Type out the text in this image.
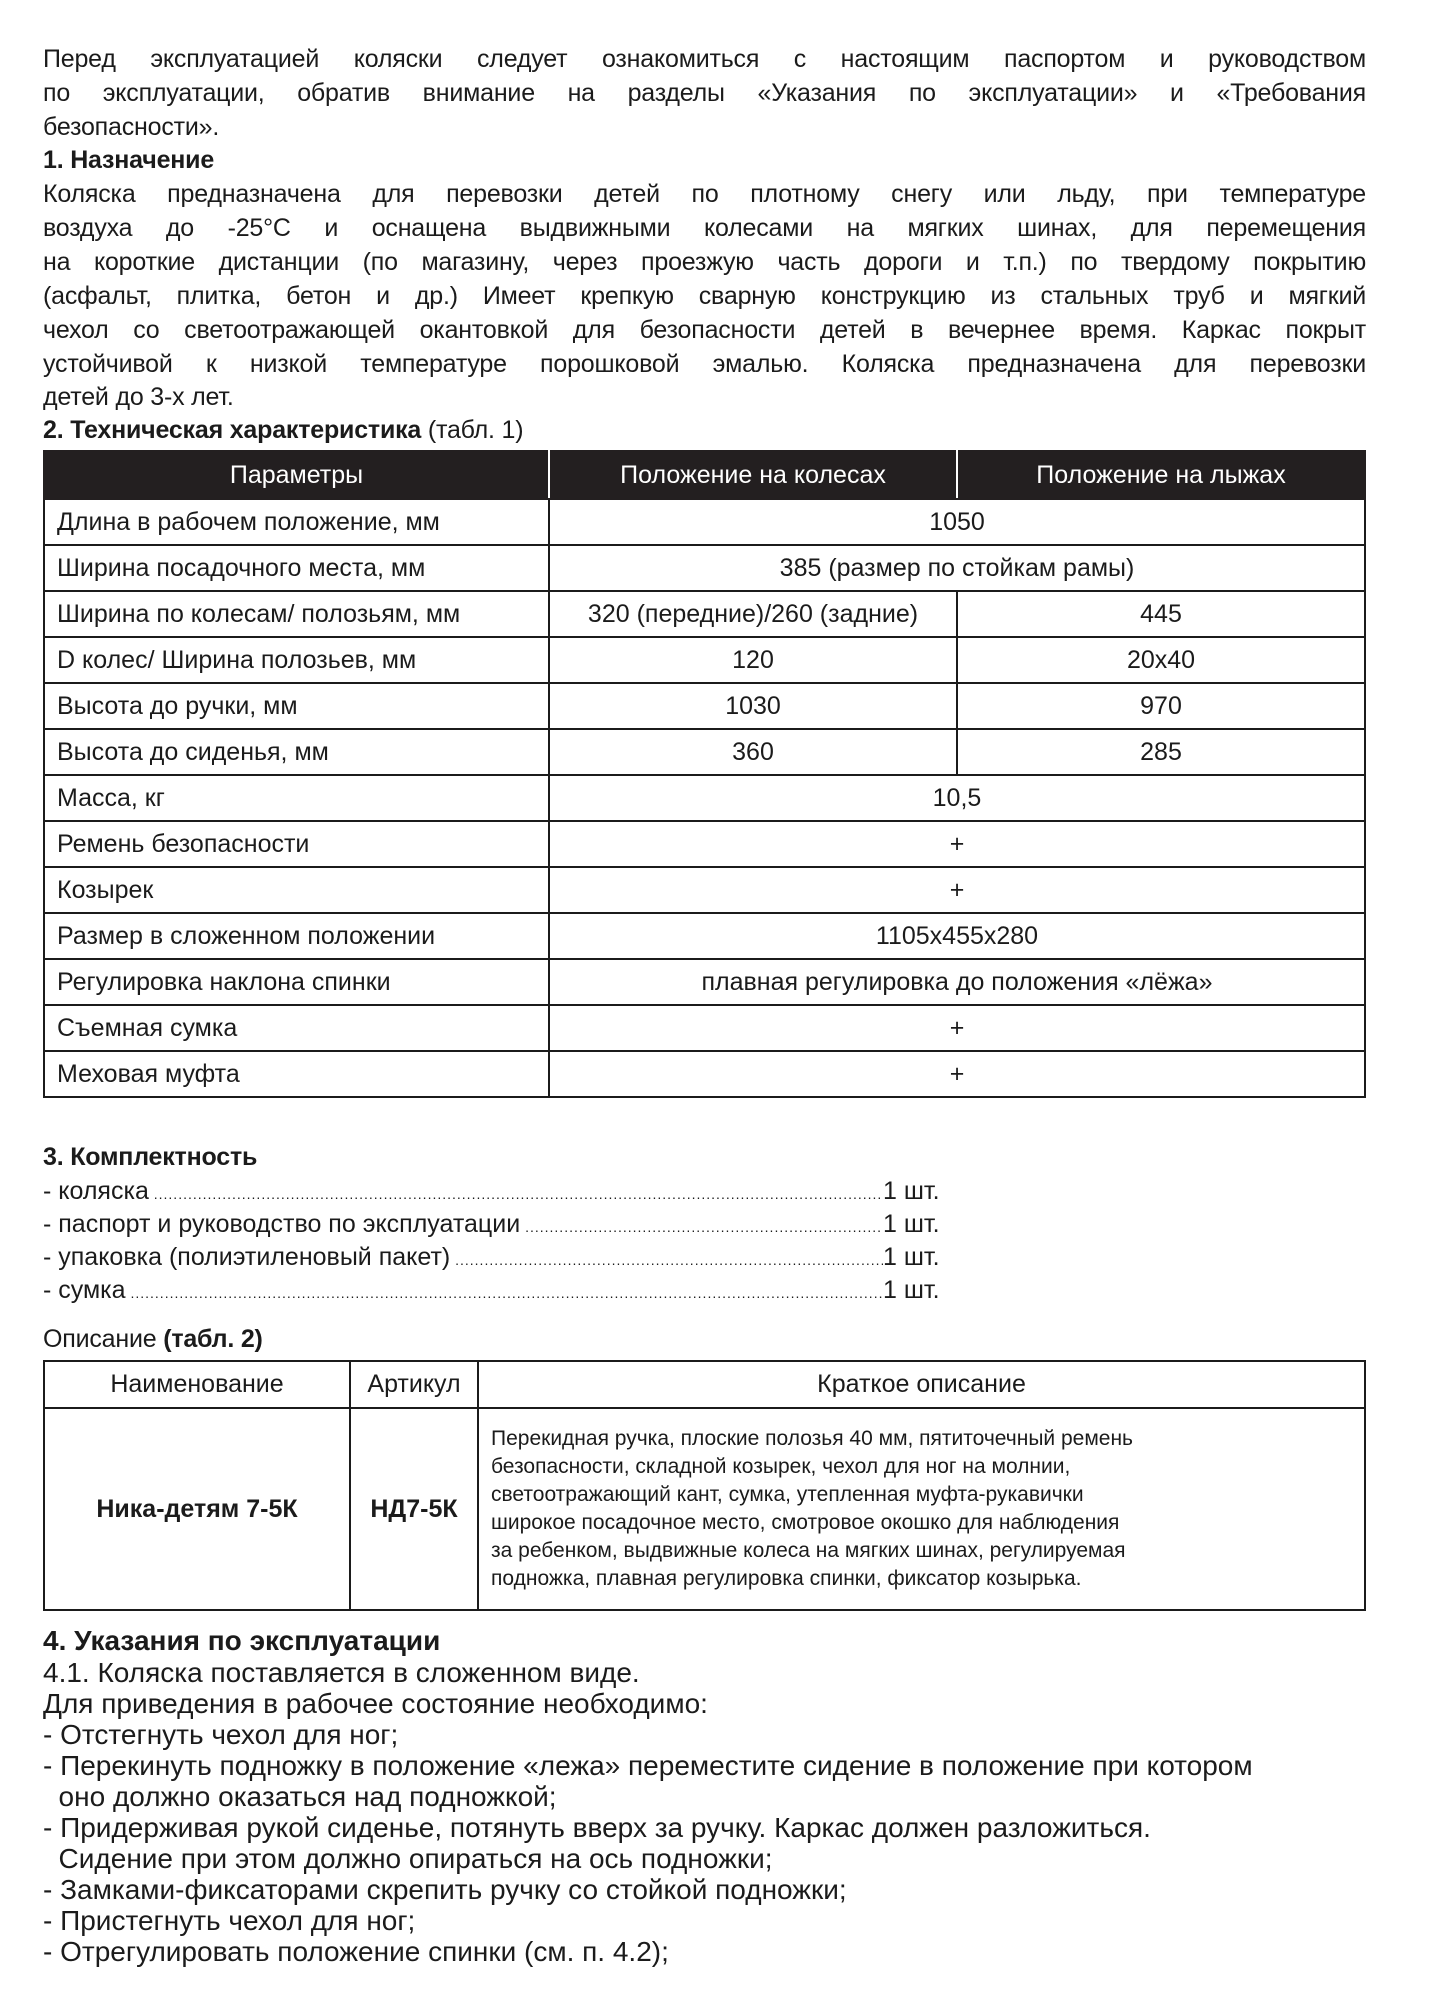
Перед эксплуатацией коляски следует ознакомиться с настоящим паспортом и руководством
по эксплуатации, обратив внимание на разделы «Указания по эксплуатации» и «Требования
безопасности».
1. Назначение
Коляска предназначена для перевозки детей по плотному снегу или льду, при температуре
воздуха до -25°С и оснащена выдвижными колесами на мягких шинах, для перемещения
на короткие дистанции (по магазину, через проезжую часть дороги и т.п.) по твердому покрытию
(асфальт, плитка, бетон и др.) Имеет крепкую сварную конструкцию из стальных труб и мягкий
чехол со светоотражающей окантовкой для безопасности детей в вечернее время. Каркас покрыт
устойчивой к низкой температуре порошковой эмалью. Коляска предназначена для перевозки
детей до 3-х лет.
2. Техническая характеристика (табл. 1)
Параметры	Положение на колесах	Положение на лыжах
Длина в рабочем положение, мм	1050	
Ширина посадочного места, мм	385 (размер по стойкам рамы)	
Ширина по колесам/ полозьям, мм	320 (передние)/260 (задние)	445
D колес/ Ширина полозьев, мм	120	20x40
Высота до ручки, мм	1030	970
Высота до сиденья, мм	360	285
Масса, кг	10,5	
Ремень безопасности	+	
Козырек	+	
Размер в сложенном положении	1105x455x280	
Регулировка наклона спинки	плавная регулировка до положения «лёжа»	
Съемная сумка	+	
Меховая муфта	+	
3. Комплектность
- коляска .....	1 шт.
- паспорт и руководство по эксплуатации .....	1 шт.
- упаковка (полиэтиленовый пакет) .....	1 шт.
- сумка .....	1 шт.
Описание (табл. 2)
Наименование	Артикул	Краткое описание
Ника-детям 7-5К	НД7-5К	
Перекидная ручка, плоские полозья 40 мм, пятиточечный ремень
безопасности, складной козырек, чехол для ног на молнии,
светоотражающий кант, сумка, утепленная муфта-рукавички
широкое посадочное место, смотровое окошко для наблюдения
за ребенком, выдвижные колеса на мягких шинах, регулируемая
подножка, плавная регулировка спинки, фиксатор козырька.
4. Указания по эксплуатации
4.1. Коляска поставляется в сложенном виде.
Для приведения в рабочее состояние необходимо:
- Отстегнуть чехол для ног;
- Перекинуть подножку в положение «лежа» переместите сидение в положение при котором
оно должно оказаться над подножкой;
- Придерживая рукой сиденье, потянуть вверх за ручку. Каркас должен разложиться.
Сидение при этом должно опираться на ось подножки;
- Замками-фиксаторами скрепить ручку со стойкой подножки;
- Пристегнуть чехол для ног;
- Отрегулировать положение спинки (см. п. 4.2);
